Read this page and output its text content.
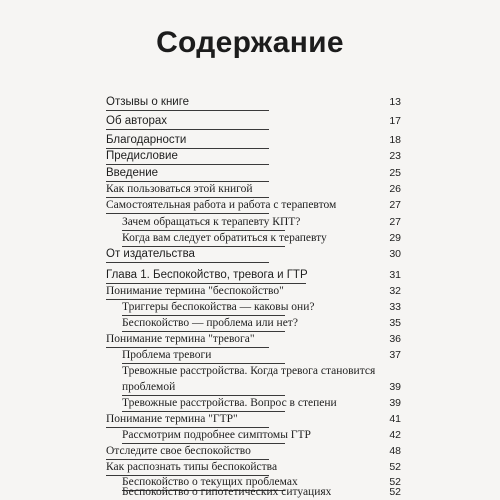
Содержание
Отзывы о книге	13
Об авторах	17
Благодарности	18
Предисловие	23
Введение	25
Как пользоваться этой книгой	26
Самостоятельная работа и работа с терапевтом	27
Зачем обращаться к терапевту КПТ?	27
Когда вам следует обратиться к терапевту	29
От издательства	30
Глава 1. Беспокойство, тревога и ГТР	31
Понимание термина "беспокойство"	32
Триггеры беспокойства — каковы они?	33
Беспокойство — проблема или нет?	35
Понимание термина "тревога"	36
Проблема тревоги	37
Тревожные расстройства. Когда тревога становится
проблемой	39
Тревожные расстройства. Вопрос в степени	39
Понимание термина "ГТР"	41
Рассмотрим подробнее симптомы ГТР	42
Отследите свое беспокойство	48
Как распознать типы беспокойства	52
Беспокойство о текущих проблемах	52
Беспокойство о гипотетических ситуациях	52
